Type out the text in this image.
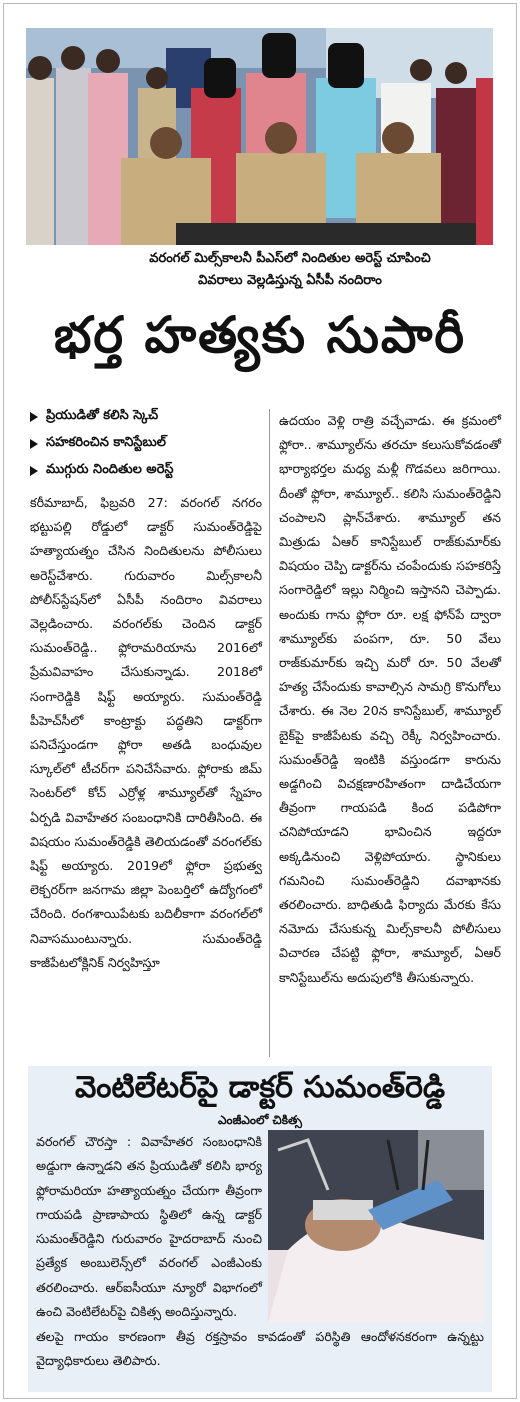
వరంగల్ మిల్స్‌కాలనీ పీఎస్‌లో నిందితుల అరెస్ట్ చూపించి
వివరాలు వెల్లడిస్తున్న ఏసీపీ నందిరాం
భర్త హత్యకు సుపారీ
ప్రియుడితో కలిసి స్కెచ్
సహకరించిన కానిస్టేబుల్
ముగ్గురు నిందితుల అరెస్ట్

కరీమాబాద్, ఫిబ్రవరి 27: వరంగల్ నగరం భట్టుపల్లి రోడ్డులో డాక్టర్ సుమంత్‌రెడ్డిపై హత్యాయత్నం చేసిన నిందితులను పోలీసులు అరెస్ట్‌చేశారు. గురువారం మిల్స్‌కాలనీ పోలీస్‌స్టేషన్‌లో ఏసీపీ నందిరాం వివరాలు వెల్లడించారు. వరంగల్‌కు చెందిన డాక్టర్ సుమంత్‌రెడ్డి.. ఫ్లోరామరియాను 2016లో ప్రేమవివాహం చేసుకున్నాడు. 2018లో సంగారెడ్డికి షిఫ్ట్ అయ్యారు. సుమంత్‌రెడ్డి పీహెచ్‌సీలో కాంట్రాక్టు పద్ధతిని డాక్టర్‌గా పనిచేస్తుండగా ఫ్లోరా అతడి బంధువుల స్కూల్‌లో టీచర్‌గా పనిచేసేవారు. ఫ్లోరాకు జిమ్ సెంటర్‌లో కోచ్ ఎర్రోళ్ల శామ్యూల్‌తో స్నేహం ఏర్పడి వివాహేతర సంబంధానికి దారితీసింది. ఈ విషయం సుమంత్‌రెడ్డికి తెలియడంతో వరంగల్‌కు షిఫ్ట్ అయ్యారు. 2019లో ఫ్లోరా ప్రభుత్వ లెక్చరర్‌గా జనగామ జిల్లా పెంబర్తిలో ఉద్యోగంలో చేరింది. రంగశాయిపేటకు బదిలీకాగా వరంగల్‌లో నివాసముంటున్నారు. సుమంత్‌రెడ్డి కాజీపేటలోక్లినిక్ నిర్వహిస్తూ

ఉదయం వెళ్లి రాత్రి వచ్చేవాడు. ఈ క్రమంలో ఫ్లోరా.. శామ్యూల్‌ను తరచూ కలుసుకోవడంతో భార్యాభర్తల మధ్య మళ్లీ గొడవలు జరిగాయి. దీంతో ఫ్లోరా, శామ్యూల్.. కలిసి సుమంత్‌రెడ్డిని చంపాలని ప్లాన్‌చేశారు. శామ్యూల్ తన మిత్రుడు ఏఆర్ కానిస్టేబుల్ రాజ్‌కుమార్‌కు విషయం చెప్పి డాక్టర్‌ను చంపేందుకు సహకరిస్తే సంగారెడ్డిలో ఇల్లు నిర్మించి ఇస్తానని చెప్పాడు. అందుకు గాను ఫ్లోరా రూ. లక్ష ఫోన్‌పే ద్వారా శామ్యూల్‌కు పంపగా, రూ. 50 వేలు రాజ్‌కుమార్‌కు ఇచ్చి మరో రూ. 50 వేలతో హత్య చేసేందుకు కావాల్సిన సామగ్రి కొనుగోలు చేశారు. ఈ నెల 20న కానిస్టేబుల్, శామ్యూల్ బైక్‌పై కాజీపేటకు వచ్చి రెక్కీ నిర్వహించారు. సుమంత్‌రెడ్డి ఇంటికి వస్తుండగా కారును అడ్డగించి విచక్షణారహితంగా దాడిచేయగా తీవ్రంగా గాయపడి కింద పడిపోగా చనిపోయాడని భావించిన ఇద్దరూ అక్కడినుంచి వెళ్లిపోయారు. స్థానికులు గమనించి సుమంత్‌రెడ్డిని దవాఖానకు తరలించారు. బాధితుడి ఫిర్యాదు మేరకు కేసు నమోదు చేసుకున్న మిల్స్‌కాలనీ పోలీసులు విచారణ చేపట్టి ఫ్లోరా, శామ్యూల్, ఏఆర్ కానిస్టేబుల్‌ను అదుపులోకి తీసుకున్నారు.

వెంటిలేటర్‌పై డాక్టర్ సుమంత్‌రెడ్డి
ఎంజీఎంలో చికిత్స
వరంగల్ చౌరస్తా : వివాహేతర సంబంధానికి అడ్డుగా ఉన్నాడని తన ప్రియుడితో కలిసి భార్య ఫ్లోరామరియా హత్యాయత్నం చేయగా తీవ్రంగా గాయపడి ప్రాణాపాయ స్థితిలో ఉన్న డాక్టర్ సుమంత్‌రెడ్డిని గురువారం హైదరాబాద్ నుంచి ప్రత్యేక అంబులెన్స్‌లో వరంగల్ ఎంజీఎంకు తరలించారు. ఆర్‌ఐసీయూ న్యూరో విభాగంలో ఉంచి వెంటిలేటర్‌పై చికిత్స అందిస్తున్నారు.
తలపై గాయం కారణంగా తీవ్ర రక్తస్రావం కావడంతో పరిస్థితి ఆందోళనకరంగా ఉన్నట్టు వైద్యాధికారులు తెలిపారు.
